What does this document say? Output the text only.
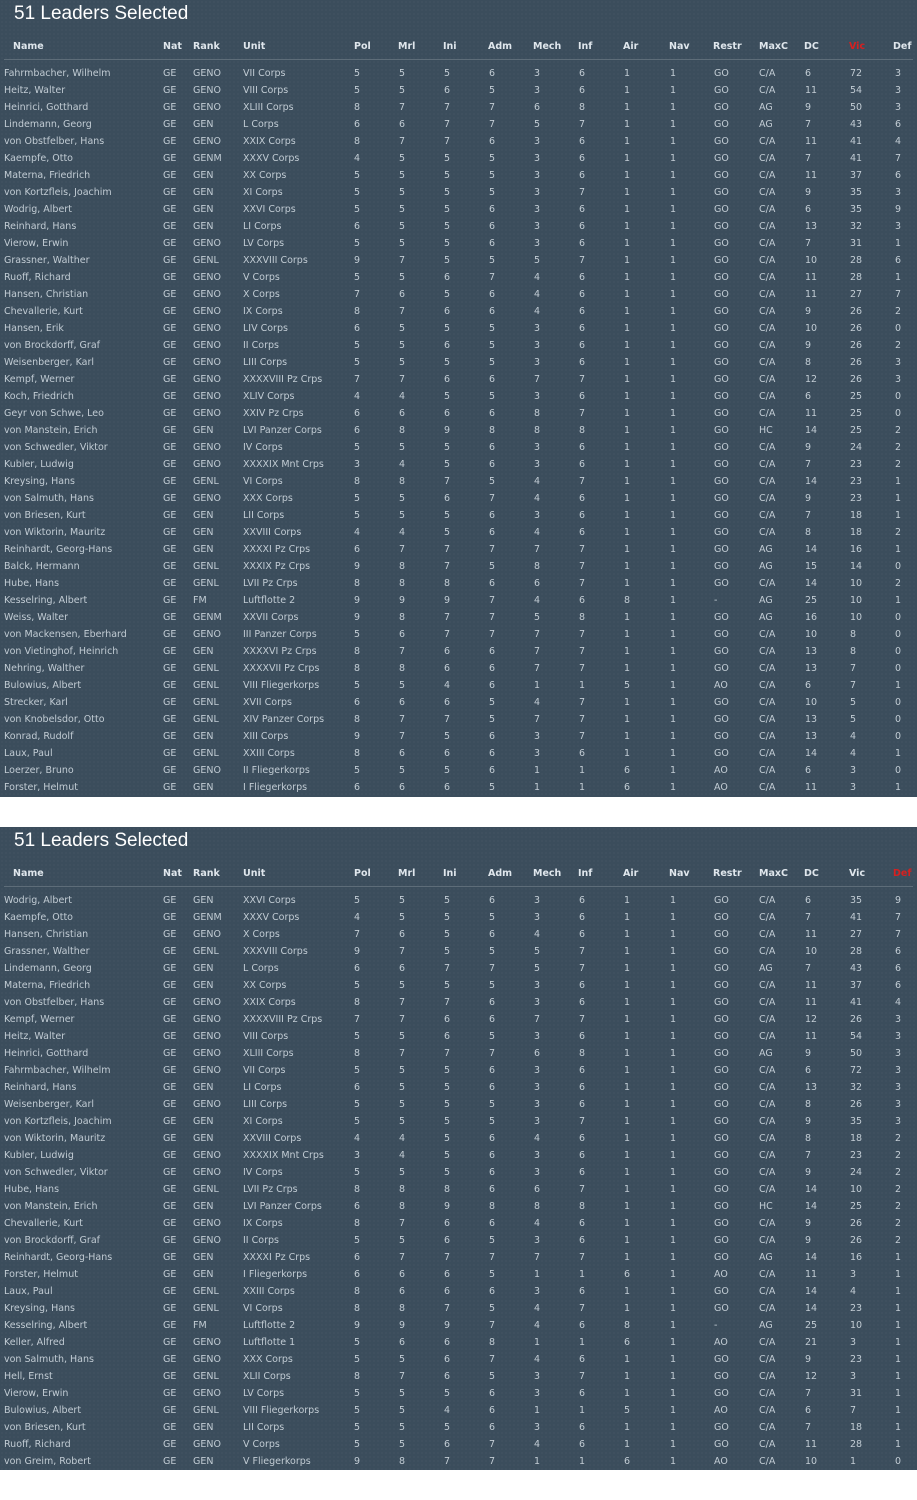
51 Leaders Selected
Name	Nat Rank Unit	Pol	Mrl	Ini	Adm Mech Inf	Air	Nav Restr MaxC DC	Vic	Def
Fahrmbacher, Wilhelm	GE GENO VII Corps	5	5	5	6	3	6	1	1	GO	C/A	6	72	3
Heitz, Walter	GE GENO VIII Corps	5	5	6	5	3	6	1	1	GO	C/A	11	54	3
Heinrici, Gotthard	GE GENO XLIII Corps	8	7	7	7	6	8	1	1	GO	AG	9	50	3
Lindemann, Georg	GE GEN	L Corps	6	6	7	7	5	7	1	1	GO	AG	7	43	6
von Obstfelber, Hans	GE GENO XXIX Corps	8	7	7	6	3	6	1	1	GO	C/A	11	41	4
Kaempfe, Otto	GE GENM XXXV Corps	4	5	5	5	3	6	1	1	GO	C/A	7	41	7
Materna, Friedrich	GE GEN	XX Corps	5	5	5	5	3	6	1	1	GO	C/A	11	37	6
von Kortzfleis, Joachim	GE GEN	XI Corps	5	5	5	5	3	7	1	1	GO	C/A	9	35	3
Wodrig, Albert	GE GEN	XXVI Corps	5	5	5	6	3	6	1	1	GO	C/A	6	35	9
Reinhard, Hans	GE GEN	LI Corps	6	5	5	6	3	6	1	1	GO	C/A	13	32	3
Vierow, Erwin	GE GENO LV Corps	5	5	5	6	3	6	1	1	GO	C/A	7	31	1
Grassner, Walther	GE GENL	XXXVIII Corps	9	7	5	5	5	7	1	1	GO	C/A	10	28	6
Ruoff, Richard	GE GENO V Corps	5	5	6	7	4	6	1	1	GO	C/A	11	28	1
Hansen, Christian	GE GENO X Corps	7	6	5	6	4	6	1	1	GO	C/A	11	27	7
Chevallerie, Kurt	GE GENO IX Corps	8	7	6	6	4	6	1	1	GO	C/A	9	26	2
Hansen, Erik	GE GENO LIV Corps	6	5	5	5	3	6	1	1	GO	C/A	10	26	0
von Brockdorff, Graf	GE GENO II Corps	5	5	6	5	3	6	1	1	GO	C/A	9	26	2
Weisenberger, Karl	GE GENO LIII Corps	5	5	5	5	3	6	1	1	GO	C/A	8	26	3
Kempf, Werner	GE GENO XXXXVIII Pz Crps	7	7	6	6	7	7	1	1	GO	C/A	12	26	3
Koch, Friedrich	GE GENO XLIV Corps	4	4	5	5	3	6	1	1	GO	C/A	6	25	0
Geyr von Schwe, Leo	GE GENO XXIV Pz Crps	6	6	6	6	8	7	1	1	GO	C/A	11	25	0
von Manstein, Erich	GE GEN	LVI Panzer Corps	6	8	9	8	8	8	1	1	GO	HC	14	25	2
von Schwedler, Viktor	GE GENO IV Corps	5	5	5	6	3	6	1	1	GO	C/A	9	24	2
Kubler, Ludwig	GE GENO XXXXIX Mnt Crps	3	4	5	6	3	6	1	1	GO	C/A	7	23	2
Kreysing, Hans	GE GENL	VI Corps	8	8	7	5	4	7	1	1	GO	C/A	14	23	1
von Salmuth, Hans	GE GENO XXX Corps	5	5	6	7	4	6	1	1	GO	C/A	9	23	1
von Briesen, Kurt	GE GEN	LII Corps	5	5	5	6	3	6	1	1	GO	C/A	7	18	1
von Wiktorin, Mauritz	GE GEN	XXVIII Corps	4	4	5	6	4	6	1	1	GO	C/A	8	18	2
Reinhardt, Georg-Hans	GE GEN	XXXXI Pz Crps	6	7	7	7	7	7	1	1	GO	AG	14	16	1
Balck, Hermann	GE GENL	XXXIX Pz Crps	9	8	7	5	8	7	1	1	GO	AG	15	14	0
Hube, Hans	GE GENL	LVII Pz Crps	8	8	8	6	6	7	1	1	GO	C/A	14	10	2
Kesselring, Albert	GE FM	Luftflotte 2	9	9	9	7	4	6	8	1	-	AG	25	10	1
Weiss, Walter	GE GENM XXVII Corps	9	8	7	7	5	8	1	1	GO	AG	16	10	0
von Mackensen, Eberhard	GE GENO III Panzer Corps	5	6	7	7	7	7	1	1	GO	C/A	10	8	0
von Vietinghof, Heinrich	GE GEN	XXXXVI Pz Crps	8	7	6	6	7	7	1	1	GO	C/A	13	8	0
Nehring, Walther	GE GENL	XXXXVII Pz Crps	8	8	6	6	7	7	1	1	GO	C/A	13	7	0
Bulowius, Albert	GE GENL	VIII Fliegerkorps	5	5	4	6	1	1	5	1	AO	C/A	6	7	1
Strecker, Karl	GE GENL	XVII Corps	6	6	6	5	4	7	1	1	GO	C/A	10	5	0
von Knobelsdor, Otto	GE GENL	XIV Panzer Corps	8	7	7	5	7	7	1	1	GO	C/A	13	5	0
Konrad, Rudolf	GE GEN	XIII Corps	9	7	5	6	3	7	1	1	GO	C/A	13	4	0
Laux, Paul	GE GENL	XXIII Corps	8	6	6	6	3	6	1	1	GO	C/A	14	4	1
Loerzer, Bruno	GE GENO II Fliegerkorps	5	5	5	6	1	1	6	1	AO	C/A	6	3	0
Forster, Helmut	GE GEN	I Fliegerkorps	6	6	6	5	1	1	6	1	AO	C/A	11	3	1
51 Leaders Selected
Name	Nat Rank Unit	Pol	Mrl	Ini	Adm Mech Inf	Air	Nav Restr MaxC DC	Vic	Def
Wodrig, Albert	GE GEN	XXVI Corps	5	5	5	6	3	6	1	1	GO	C/A	6	35	9
Kaempfe, Otto	GE GENM XXXV Corps	4	5	5	5	3	6	1	1	GO	C/A	7	41	7
Hansen, Christian	GE GENO X Corps	7	6	5	6	4	6	1	1	GO	C/A	11	27	7
Grassner, Walther	GE GENL	XXXVIII Corps	9	7	5	5	5	7	1	1	GO	C/A	10	28	6
Lindemann, Georg	GE GEN	L Corps	6	6	7	7	5	7	1	1	GO	AG	7	43	6
Materna, Friedrich	GE GEN	XX Corps	5	5	5	5	3	6	1	1	GO	C/A	11	37	6
von Obstfelber, Hans	GE GENO XXIX Corps	8	7	7	6	3	6	1	1	GO	C/A	11	41	4
Kempf, Werner	GE GENO XXXXVIII Pz Crps	7	7	6	6	7	7	1	1	GO	C/A	12	26	3
Heitz, Walter	GE GENO VIII Corps	5	5	6	5	3	6	1	1	GO	C/A	11	54	3
Heinrici, Gotthard	GE GENO XLIII Corps	8	7	7	7	6	8	1	1	GO	AG	9	50	3
Fahrmbacher, Wilhelm	GE GENO VII Corps	5	5	5	6	3	6	1	1	GO	C/A	6	72	3
Reinhard, Hans	GE GEN	LI Corps	6	5	5	6	3	6	1	1	GO	C/A	13	32	3
Weisenberger, Karl	GE GENO LIII Corps	5	5	5	5	3	6	1	1	GO	C/A	8	26	3
von Kortzfleis, Joachim	GE GEN	XI Corps	5	5	5	5	3	7	1	1	GO	C/A	9	35	3
von Wiktorin, Mauritz	GE GEN	XXVIII Corps	4	4	5	6	4	6	1	1	GO	C/A	8	18	2
Kubler, Ludwig	GE GENO XXXXIX Mnt Crps	3	4	5	6	3	6	1	1	GO	C/A	7	23	2
von Schwedler, Viktor	GE GENO IV Corps	5	5	5	6	3	6	1	1	GO	C/A	9	24	2
Hube, Hans	GE GENL	LVII Pz Crps	8	8	8	6	6	7	1	1	GO	C/A	14	10	2
von Manstein, Erich	GE GEN	LVI Panzer Corps	6	8	9	8	8	8	1	1	GO	HC	14	25	2
Chevallerie, Kurt	GE GENO IX Corps	8	7	6	6	4	6	1	1	GO	C/A	9	26	2
von Brockdorff, Graf	GE GENO II Corps	5	5	6	5	3	6	1	1	GO	C/A	9	26	2
Reinhardt, Georg-Hans	GE GEN	XXXXI Pz Crps	6	7	7	7	7	7	1	1	GO	AG	14	16	1
Forster, Helmut	GE GEN	I Fliegerkorps	6	6	6	5	1	1	6	1	AO	C/A	11	3	1
Laux, Paul	GE GENL	XXIII Corps	8	6	6	6	3	6	1	1	GO	C/A	14	4	1
Kreysing, Hans	GE GENL	VI Corps	8	8	7	5	4	7	1	1	GO	C/A	14	23	1
Kesselring, Albert	GE FM	Luftflotte 2	9	9	9	7	4	6	8	1	-	AG	25	10	1
Keller, Alfred	GE GENO Luftflotte 1	5	6	6	8	1	1	6	1	AO	C/A	21	3	1
von Salmuth, Hans	GE GENO XXX Corps	5	5	6	7	4	6	1	1	GO	C/A	9	23	1
Hell, Ernst	GE GENL	XLII Corps	8	7	6	5	3	7	1	1	GO	C/A	12	3	1
Vierow, Erwin	GE GENO LV Corps	5	5	5	6	3	6	1	1	GO	C/A	7	31	1
Bulowius, Albert	GE GENL	VIII Fliegerkorps	5	5	4	6	1	1	5	1	AO	C/A	6	7	1
von Briesen, Kurt	GE GEN	LII Corps	5	5	5	6	3	6	1	1	GO	C/A	7	18	1
Ruoff, Richard	GE GENO V Corps	5	5	6	7	4	6	1	1	GO	C/A	11	28	1
von Greim, Robert	GE GEN	V Fliegerkorps	9	8	7	7	1	1	6	1	AO	C/A	10	1	0
